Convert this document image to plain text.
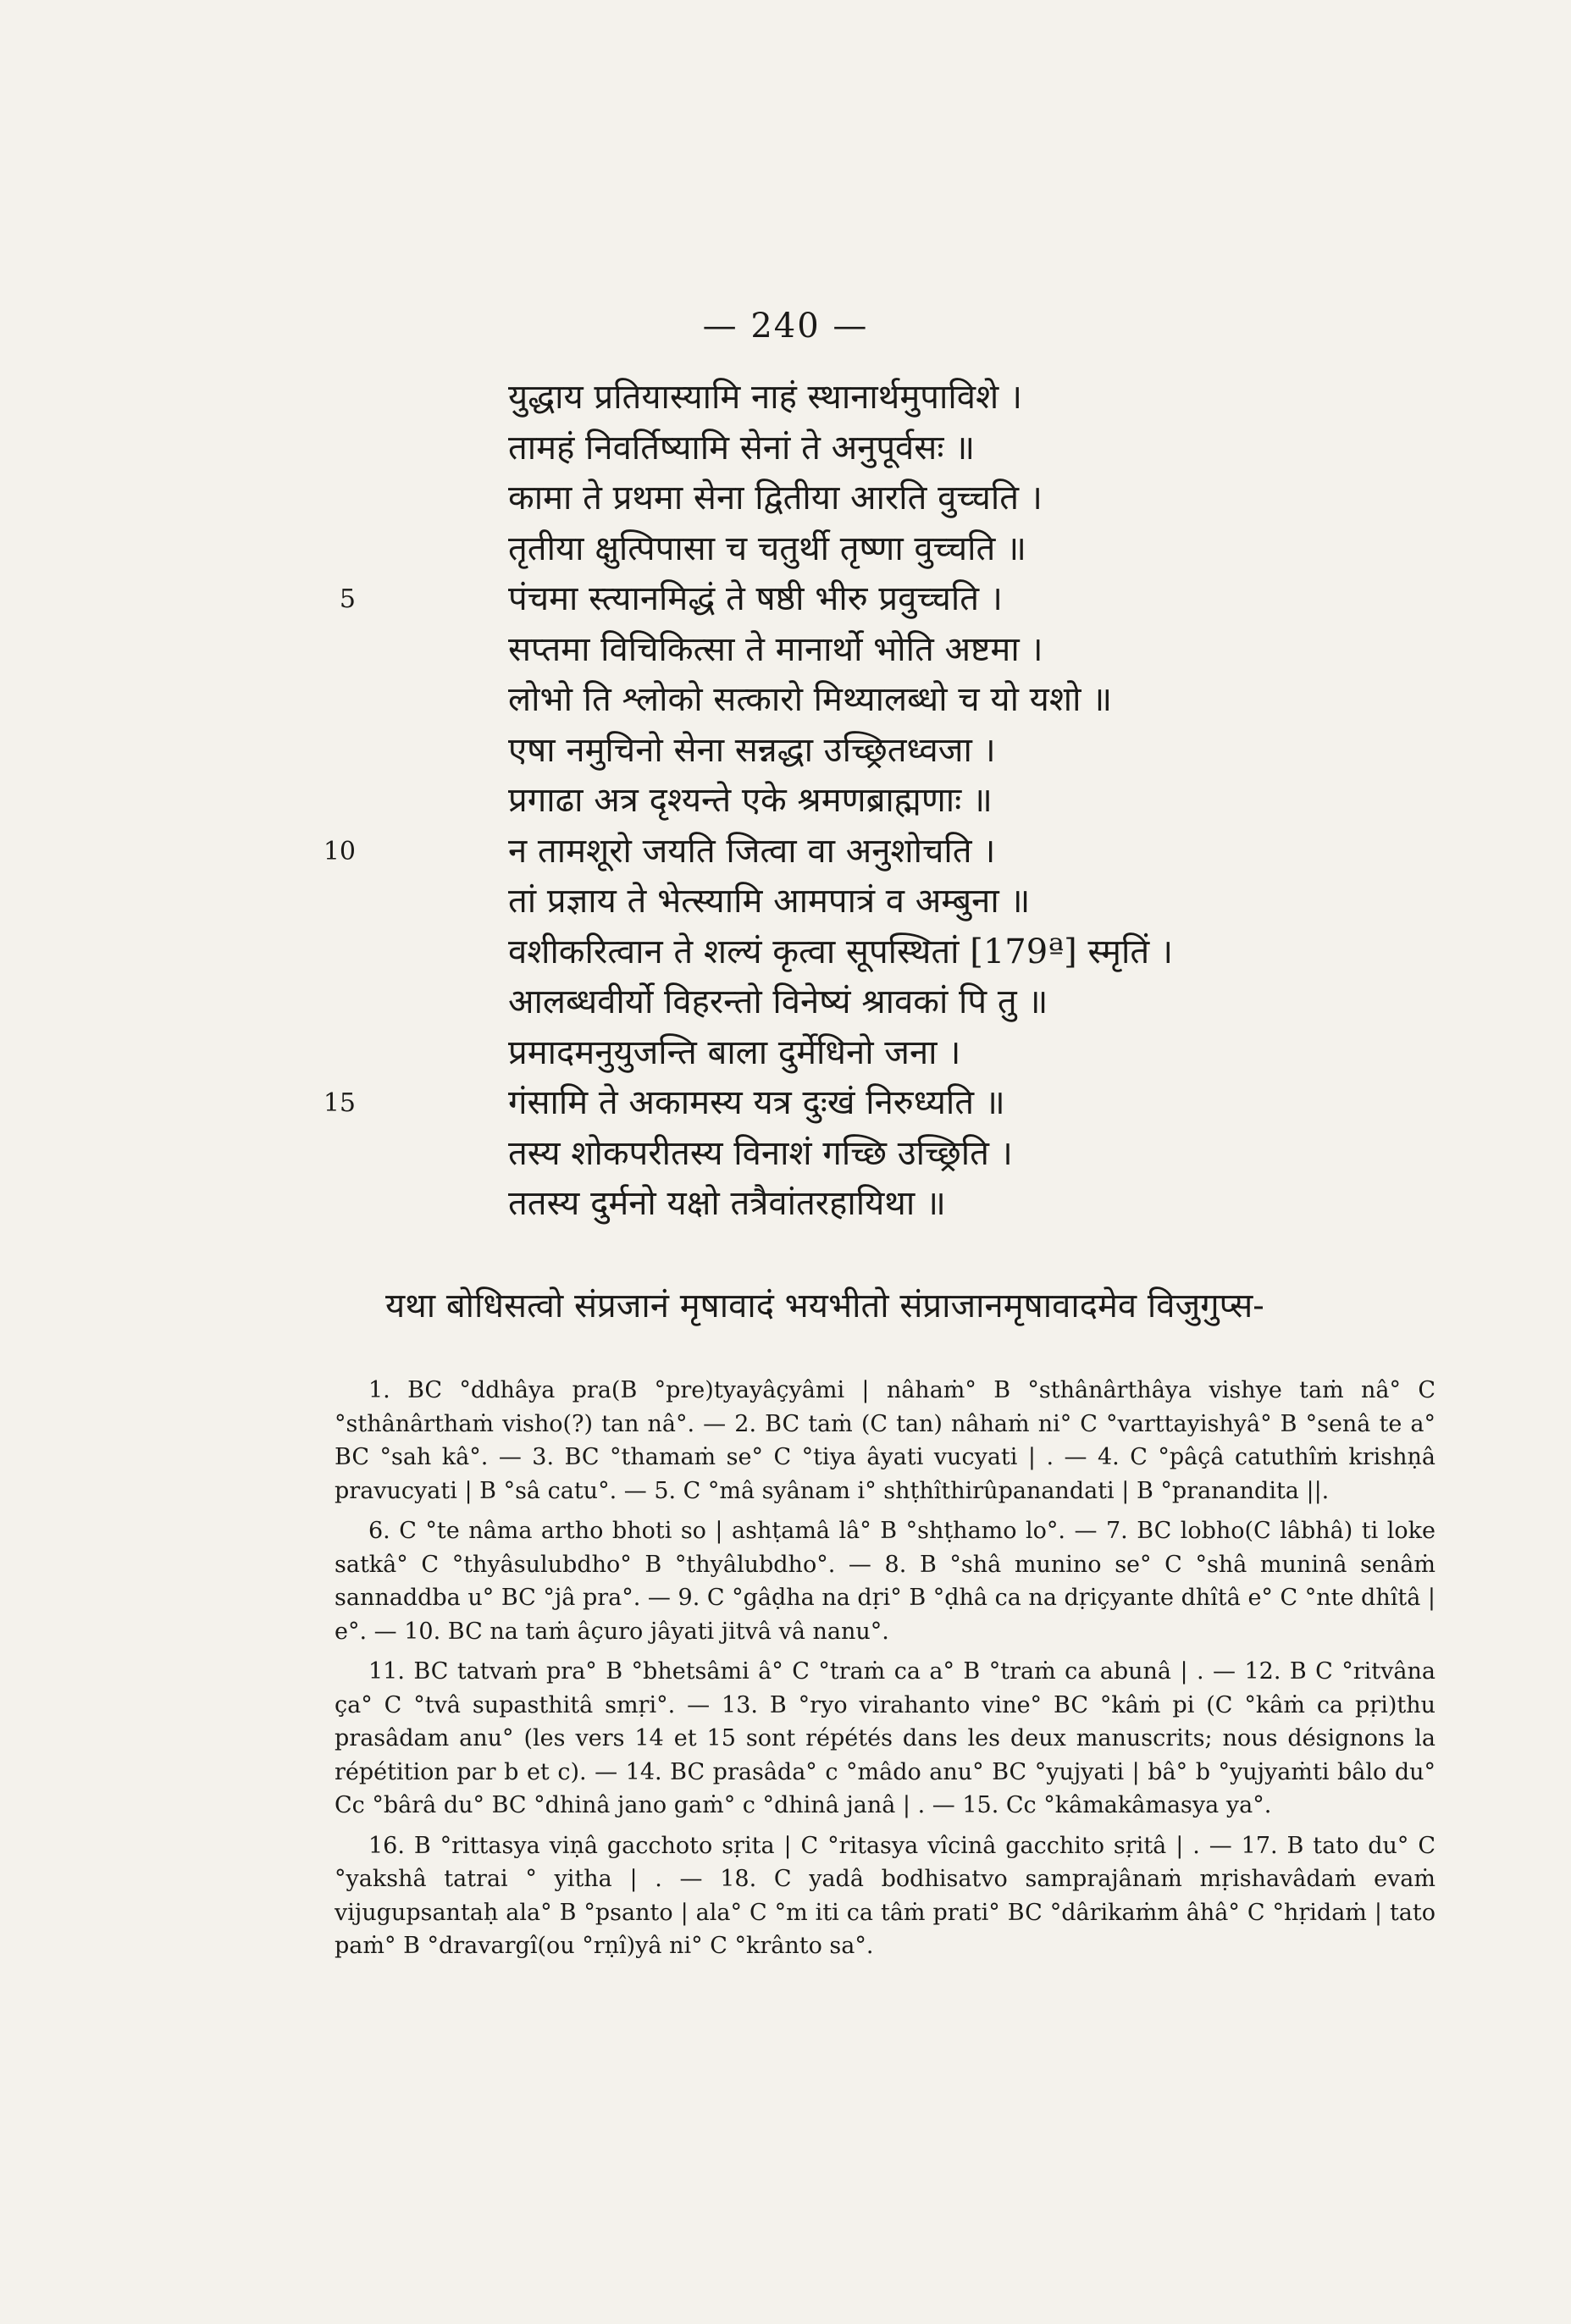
— 240 —
युद्धाय प्रतियास्यामि नाहं स्थानार्थमुपाविशे ।
तामहं निवर्तिष्यामि सेनां ते अनुपूर्वसः ॥
कामा ते प्रथमा सेना द्वितीया आरति वुच्चति ।
तृतीया क्षुत्पिपासा च चतुर्थी तृष्णा वुच्चति ॥
5	पंचमा स्त्यानमिद्धं ते षष्ठी भीरु प्रवुच्चति ।
सप्तमा विचिकित्सा ते मानार्थो भोति अष्टमा ।
लोभो ति श्लोको सत्कारो मिथ्यालब्धो च यो यशो ॥
एषा नमुचिनो सेना सन्नद्धा उच्छ्रितध्वजा ।
प्रगाढा अत्र दृश्यन्ते एके श्रमणब्राह्मणाः ॥
10	न तामशूरो जयति जित्वा वा अनुशोचति ।
तां प्रज्ञाय ते भेत्स्यामि आमपात्रं व अम्बुना ॥
वशीकरित्वान ते शल्यं कृत्वा सूपस्थितां [179ª] स्मृतिं ।
आलब्धवीर्यो विहरन्तो विनेष्यं श्रावकां पि तु ॥
प्रमादमनुयुजन्ति बाला दुर्मेधिनो जना ।
15	गंसामि ते अकामस्य यत्र दुःखं निरुध्यति ॥
तस्य शोकपरीतस्य विनाशं गच्छि उच्छ्रिति ।
ततस्य दुर्मनो यक्षो तत्रैवांतरहायिथा ॥
यथा बोधिसत्वो संप्रजानं मृषावादं भयभीतो संप्राजानमृषावादमेव विजुगुप्स-

1. BC °ddhâya pra(B °pre)tyayâçyâmi | nâhaṁ° B °sthânârthâya vishye taṁ nâ° C °sthânârthaṁ visho(?) tan nâ°. — 2. BC taṁ (C tan) nâhaṁ ni° C °varttayishyâ° B °senâ te a° BC °sah kâ°. — 3. BC °thamaṁ se° C °tiya âyati vucyati | . — 4. C °pâçâ catuthîṁ krishṇâ pravucyati | B °sâ catu°. — 5. C °mâ syânam i° shṭhîthirûpanandati | B °pranandita ||.

6. C °te nâma artho bhoti so | ashṭamâ lâ° B °shṭhamo lo°. — 7. BC lobho(C lâbhâ) ti loke satkâ° C °thyâsulubdho° B °thyâlubdho°. — 8. B °shâ munino se° C °shâ muninâ senâṁ sannaddba u° BC °jâ pra°. — 9. C °gâḍha na dṛi° B °ḍhâ ca na dṛiçyante dhîtâ e° C °nte dhîtâ | e°. — 10. BC na taṁ âçuro jâyati jitvâ vâ nanu°.

11. BC tatvaṁ pra° B °bhetsâmi â° C °traṁ ca a° B °traṁ ca abunâ | . — 12. B C °ritvâna ça° C °tvâ supasthitâ smṛi°. — 13. B °ryo virahanto vine° BC °kâṁ pi (C °kâṁ ca pṛi)thu prasâdam anu° (les vers 14 et 15 sont répétés dans les deux manuscrits; nous désignons la répétition par b et c). — 14. BC prasâda° c °mâdo anu° BC °yujyati | bâ° b °yujyaṁti bâlo du° Cc °bârâ du° BC °dhinâ jano gaṁ° c °dhinâ janâ | . — 15. Cc °kâmakâmasya ya°.

16. B °rittasya viṇâ gacchoto sṛita | C °ritasya vîcinâ gacchito sṛitâ | . — 17. B tato du° C °yakshâ tatrai ° yitha | . — 18. C yadâ bodhisatvo samprajânaṁ mṛishavâdaṁ evaṁ vijugupsantaḥ ala° B °psanto | ala° C °m iti ca tâṁ prati° BC °dârikaṁm âhâ° C °hṛidaṁ | tato paṁ° B °dravargî(ou °rṇî)yâ ni° C °krânto sa°.
